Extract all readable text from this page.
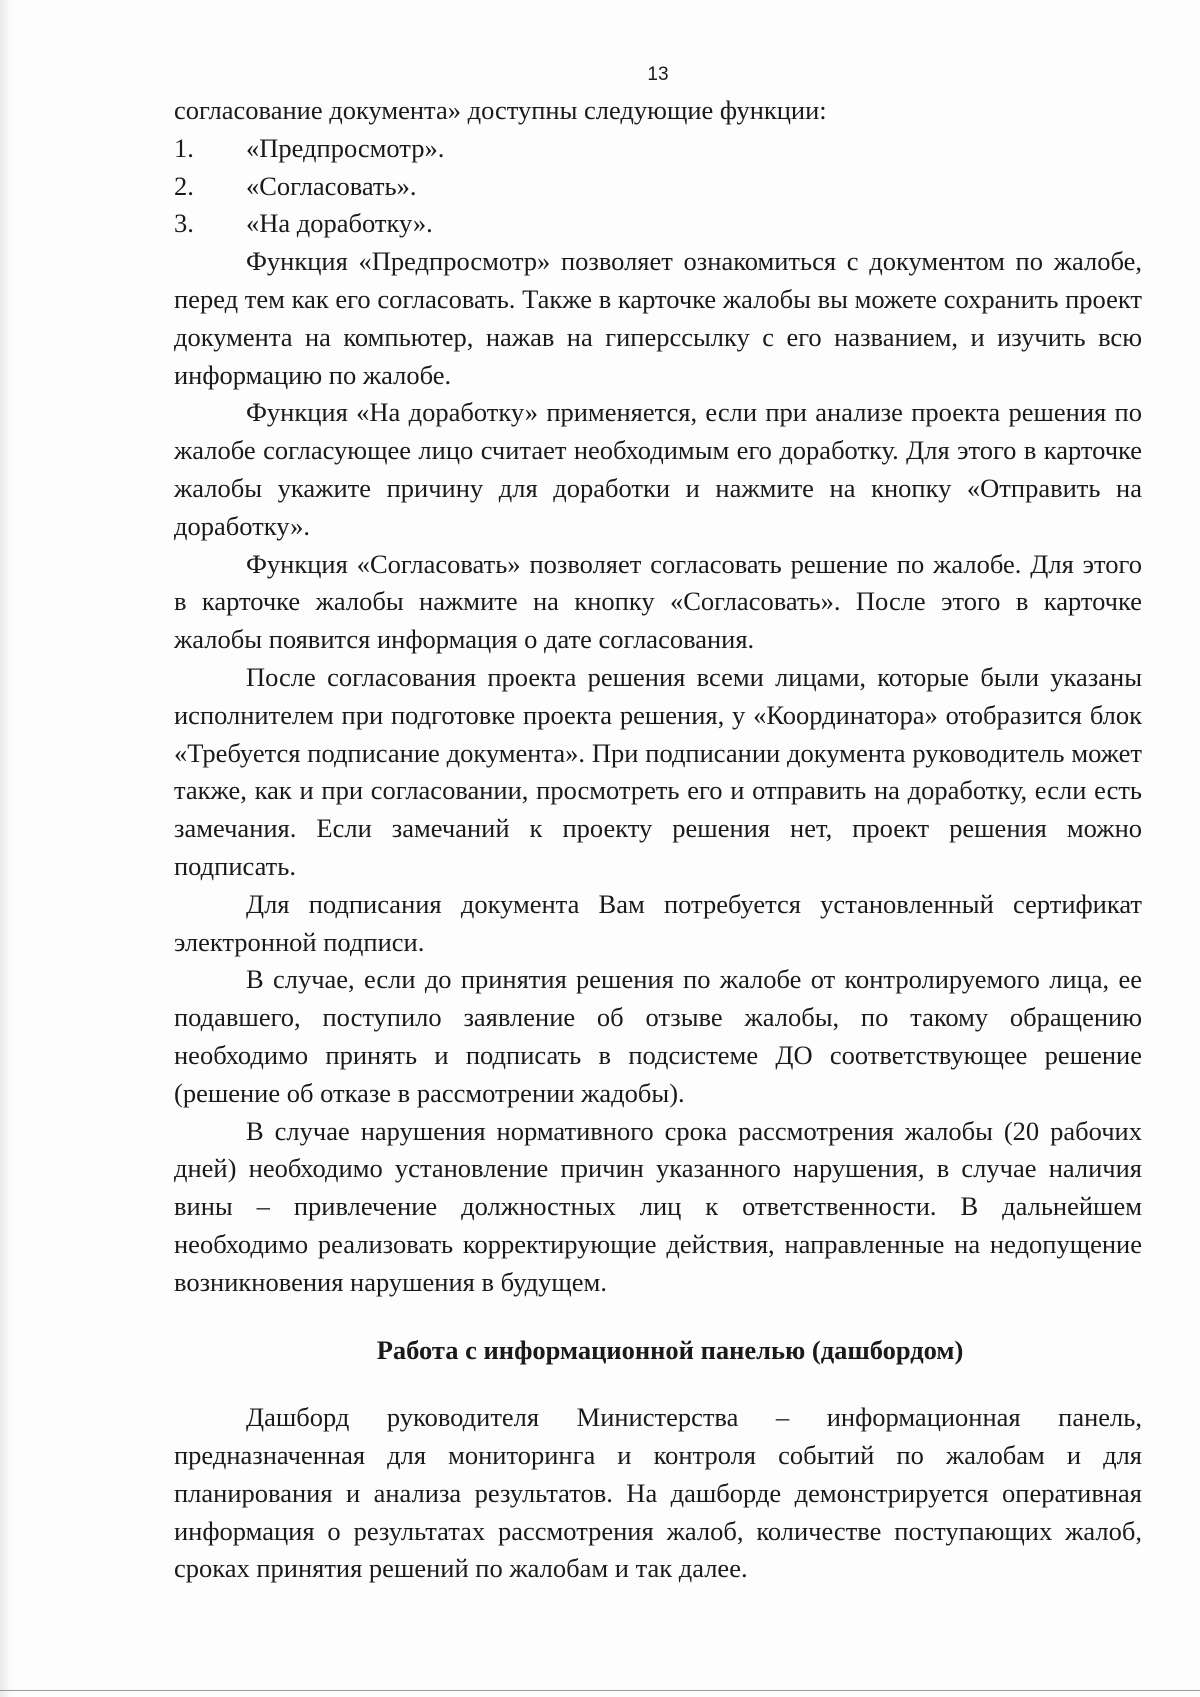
13

согласование документа» доступны следующие функции:

1.	«Предпросмотр».
2.	«Согласовать».
3.	«На доработку».

Функция «Предпросмотр» позволяет ознакомиться с документом по жалобе, перед тем как его согласовать. Также в карточке жалобы вы можете сохранить проект документа на компьютер, нажав на гиперссылку с его названием, и изучить всю информацию по жалобе.

Функция «На доработку» применяется, если при анализе проекта решения по жалобе согласующее лицо считает необходимым его доработку. Для этого в карточке жалобы укажите причину для доработки и нажмите на кнопку «Отправить на доработку».

Функция «Согласовать» позволяет согласовать решение по жалобе. Для этого в карточке жалобы нажмите на кнопку «Согласовать». После этого в карточке жалобы появится информация о дате согласования.

После согласования проекта решения всеми лицами, которые были указаны исполнителем при подготовке проекта решения, у «Координатора» отобразится блок «Требуется подписание документа». При подписании документа руководитель может также, как и при согласовании, просмотреть его и отправить на доработку, если есть замечания. Если замечаний к проекту решения нет, проект решения можно подписать.

Для подписания документа Вам потребуется установленный сертификат электронной подписи.

В случае, если до принятия решения по жалобе от контролируемого лица, ее подавшего, поступило заявление об отзыве жалобы, по такому обращению необходимо принять и подписать в подсистеме ДО соответствующее решение (решение об отказе в рассмотрении жадобы).

В случае нарушения нормативного срока рассмотрения жалобы (20 рабочих дней) необходимо установление причин указанного нарушения, в случае наличия вины – привлечение должностных лиц к ответственности. В дальнейшем необходимо реализовать корректирующие действия, направленные на недопущение возникновения нарушения в будущем.

Работа с информационной панелью (дашбордом)

Дашборд руководителя Министерства – информационная панель, предназначенная для мониторинга и контроля событий по жалобам и для планирования и анализа результатов. На дашборде демонстрируется оперативная информация о результатах рассмотрения жалоб, количестве поступающих жалоб, сроках принятия решений по жалобам и так далее.
